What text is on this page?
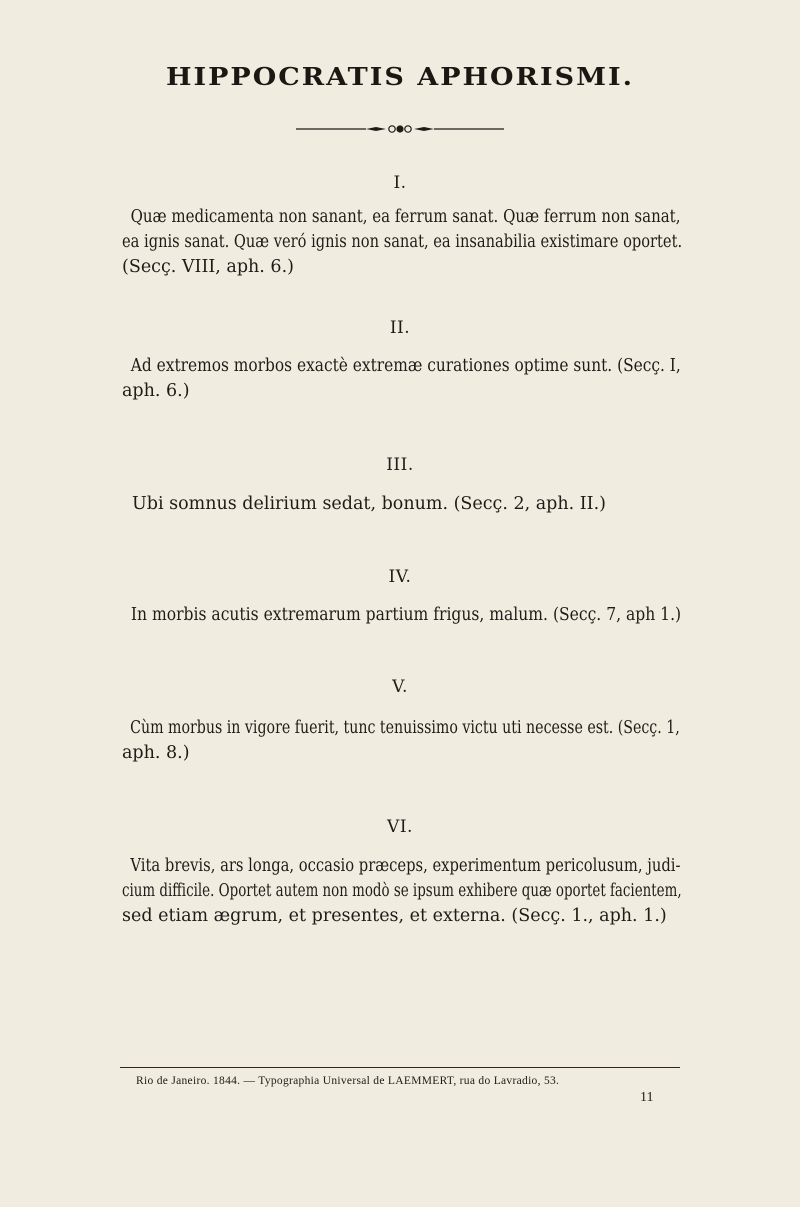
HIPPOCRATIS APHORISMI.
I.
Quæ medicamenta non sanant, ea ferrum sanat. Quæ ferrum non sanat,
ea ignis sanat. Quæ veró ignis non sanat, ea insanabilia existimare oportet.
(Secç. VIII, aph. 6.)
II.
Ad extremos morbos exactè extremæ curationes optime sunt. (Secç. I,
aph. 6.)
III.
Ubi somnus delirium sedat, bonum. (Secç. 2, aph. II.)
IV.
In morbis acutis extremarum partium frigus, malum. (Secç. 7, aph 1.)
V.
Cùm morbus in vigore fuerit, tunc tenuissimo victu uti necesse est. (Secç. 1,
aph. 8.)
VI.
Vita brevis, ars longa, occasio præceps, experimentum pericolusum, judi-
cium difficile. Oportet autem non modò se ipsum exhibere quæ oportet facientem,
sed etiam ægrum, et presentes, et externa. (Secç. 1., aph. 1.)
Rio de Janeiro. 1844. — Typographia Universal de LAEMMERT, rua do Lavradio, 53.
11
